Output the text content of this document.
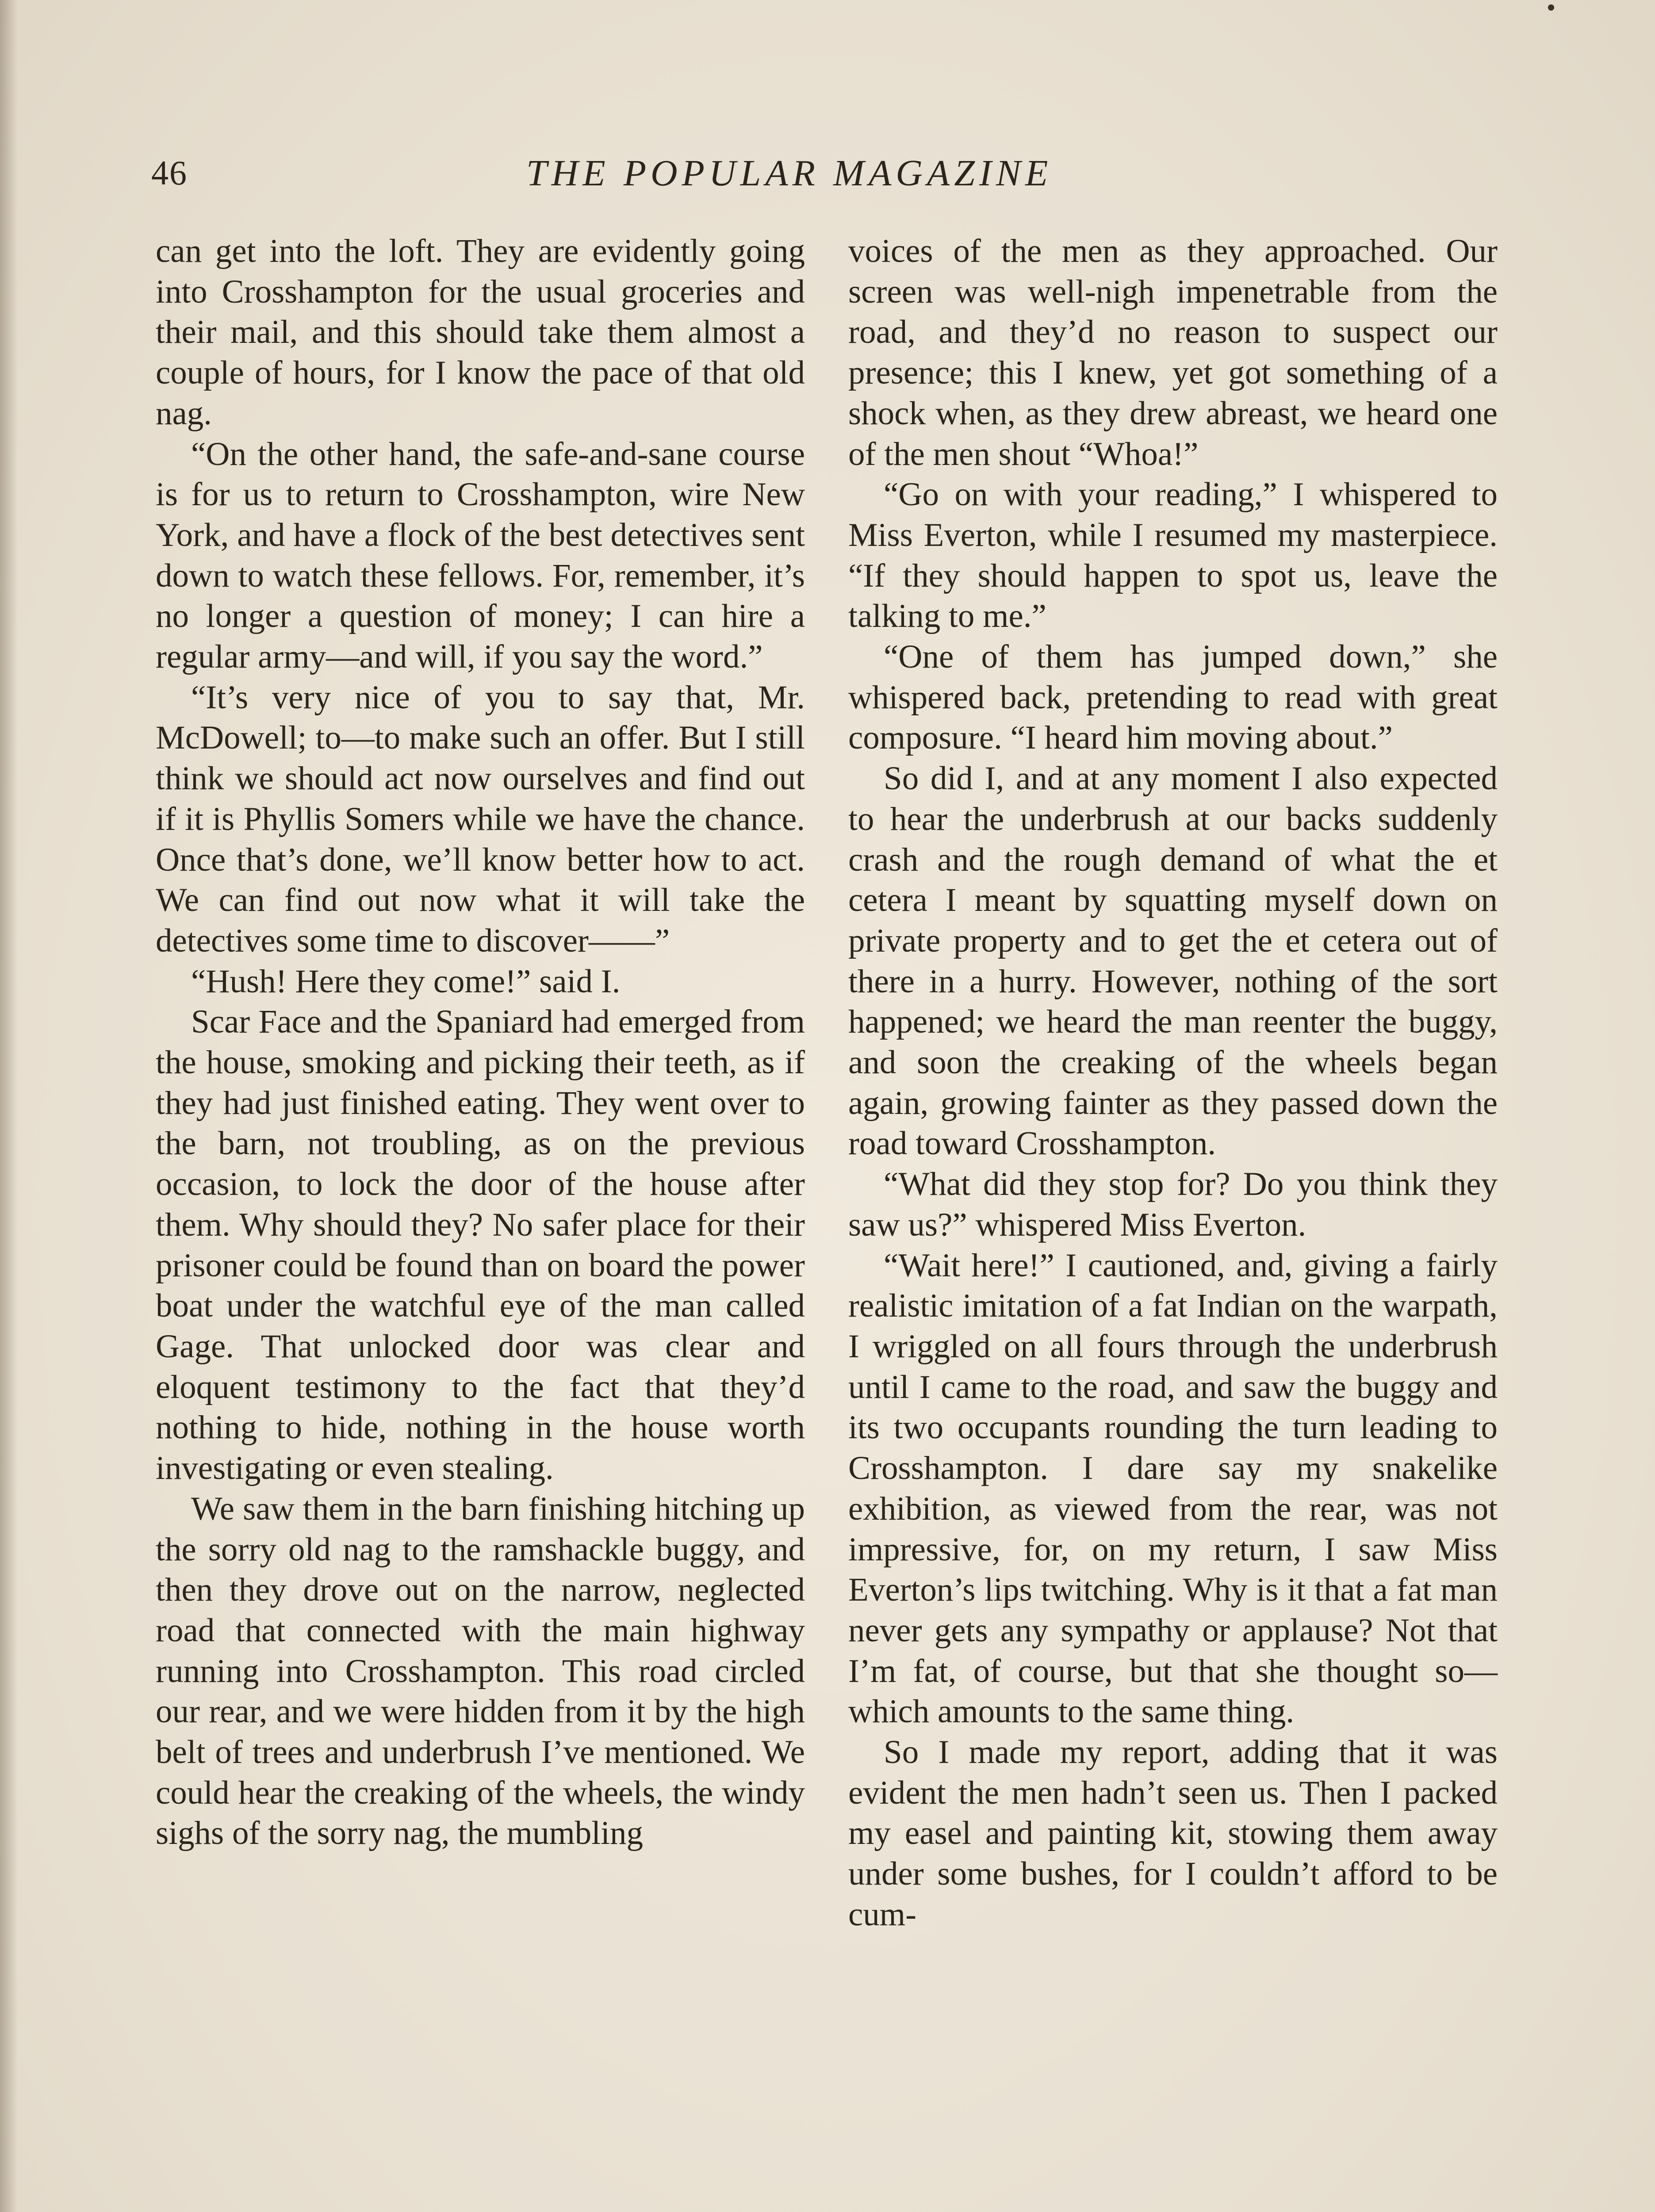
46	THE POPULAR MAGAZINE

can get into the loft. They are evidently going into Crosshampton for the usual groceries and their mail, and this should take them almost a couple of hours, for I know the pace of that old nag.

“On the other hand, the safe-and-sane course is for us to return to Crosshampton, wire New York, and have a flock of the best detectives sent down to watch these fellows. For, remember, it’s no longer a question of money; I can hire a regular army—and will, if you say the word.”

“It’s very nice of you to say that, Mr. McDowell; to—to make such an offer. But I still think we should act now ourselves and find out if it is Phyllis Somers while we have the chance. Once that’s done, we’ll know better how to act. We can find out now what it will take the detectives some time to discover——”

“Hush! Here they come!” said I.

Scar Face and the Spaniard had emerged from the house, smoking and picking their teeth, as if they had just finished eating. They went over to the barn, not troubling, as on the previous occasion, to lock the door of the house after them. Why should they? No safer place for their prisoner could be found than on board the power boat under the watchful eye of the man called Gage. That unlocked door was clear and eloquent testimony to the fact that they’d nothing to hide, nothing in the house worth investigating or even stealing.

We saw them in the barn finishing hitching up the sorry old nag to the ramshackle buggy, and then they drove out on the narrow, neglected road that connected with the main highway running into Crosshampton. This road circled our rear, and we were hidden from it by the high belt of trees and underbrush I’ve mentioned. We could hear the creaking of the wheels, the windy sighs of the sorry nag, the mumbling

voices of the men as they approached. Our screen was well-nigh impenetrable from the road, and they’d no reason to suspect our presence; this I knew, yet got something of a shock when, as they drew abreast, we heard one of the men shout “Whoa!”

“Go on with your reading,” I whispered to Miss Everton, while I resumed my masterpiece. “If they should happen to spot us, leave the talking to me.”

“One of them has jumped down,” she whispered back, pretending to read with great composure. “I heard him moving about.”

So did I, and at any moment I also expected to hear the underbrush at our backs suddenly crash and the rough demand of what the et cetera I meant by squatting myself down on private property and to get the et cetera out of there in a hurry. However, nothing of the sort happened; we heard the man reenter the buggy, and soon the creaking of the wheels began again, growing fainter as they passed down the road toward Crosshampton.

“What did they stop for? Do you think they saw us?” whispered Miss Everton.

“Wait here!” I cautioned, and, giving a fairly realistic imitation of a fat Indian on the warpath, I wriggled on all fours through the underbrush until I came to the road, and saw the buggy and its two occupants rounding the turn leading to Crosshampton. I dare say my snakelike exhibition, as viewed from the rear, was not impressive, for, on my return, I saw Miss Everton’s lips twitching. Why is it that a fat man never gets any sympathy or applause? Not that I’m fat, of course, but that she thought so—which amounts to the same thing.

So I made my report, adding that it was evident the men hadn’t seen us. Then I packed my easel and painting kit, stowing them away under some bushes, for I couldn’t afford to be cum-
